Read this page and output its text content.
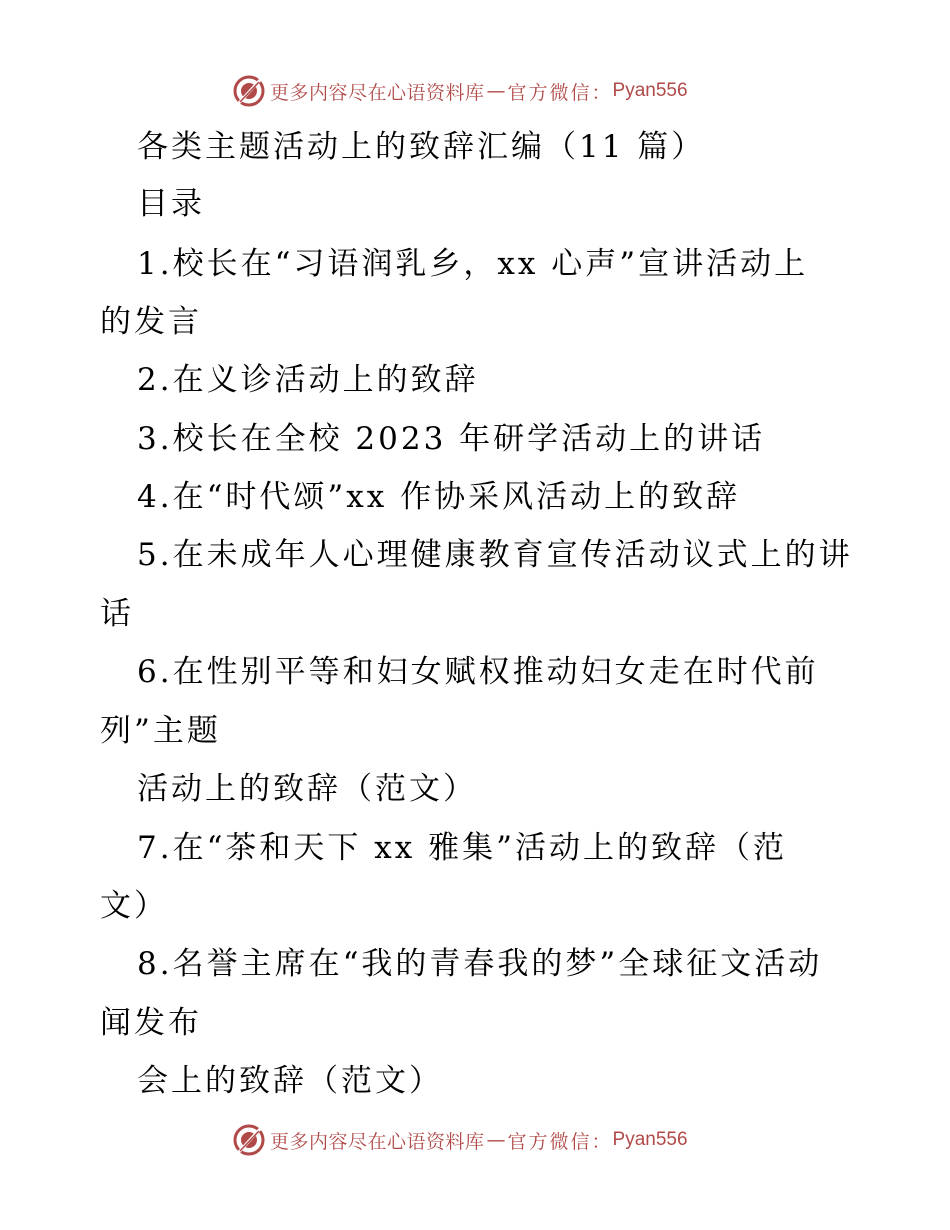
更多内容尽在心语资料库 — 官方微信： Pyan556
各类主题活动上的致辞汇编（11 篇）
目录
1.校长在“习语润乳乡，xx 心声”宣讲活动上
的发言
2.在义诊活动上的致辞
3.校长在全校 2023 年研学活动上的讲话
4.在“时代颂”xx 作协采风活动上的致辞
5.在未成年人心理健康教育宣传活动议式上的讲
话
6.在性别平等和妇女赋权推动妇女走在时代前
列”主题
活动上的致辞（范文）
7.在“茶和天下 xx 雅集”活动上的致辞（范
文）
8.名誉主席在“我的青春我的梦”全球征文活动
闻发布
会上的致辞（范文）
更多内容尽在心语资料库 — 官方微信： Pyan556
